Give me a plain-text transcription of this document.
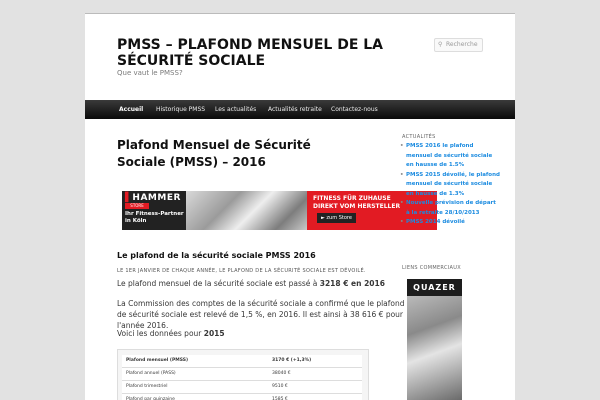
PMSS – PLAFOND MENSUEL DE LA SÉCURITÉ SOCIALE
Que vaut le PMSS?
⚲ Recherche
Accueil Historique PMSS Les actualités Actualités retraite Contactez-nous
Plafond Mensuel de Sécurité Sociale (PMSS) – 2016
▌HAMMER
STORE
Ihr Fitness-Partner
in Köln
FITNESS FÜR ZUHAUSE
DIREKT VOM HERSTELLER
► zum Store
Le plafond de la sécurité sociale PMSS 2016
LE 1ER JANVIER DE CHAQUE ANNÉE, LE PLAFOND DE LA SÉCURITÉ SOCIALE EST DÉVOILÉ.
Le plafond mensuel de la sécurité sociale est passé à 3218 € en 2016
La Commission des comptes de la sécurité sociale a confirmé que le plafond
de sécurité sociale est relevé de 1,5 %, en 2016. Il est ainsi à 38 616 € pour
l'année 2016.
Voici les données pour 2015
Plafond mensuel (PMSS)	3170 € (+1,3%)
Plafond annuel (PASS)	38040 €
Plafond trimestriel	9510 €
Plafond par quinzaine	1585 €
ACTUALITÉS
• PMSS 2016 le plafond mensuel de sécurité sociale en hausse de 1.5%
• PMSS 2015 dévoilé, le plafond mensuel de sécurité sociale en hausse de 1.3%
• Nouvelle prévision de départ à la retraite 28/10/2013
• PMSS 2014 dévoilé
LIENS COMMERCIAUX
QUAZER
